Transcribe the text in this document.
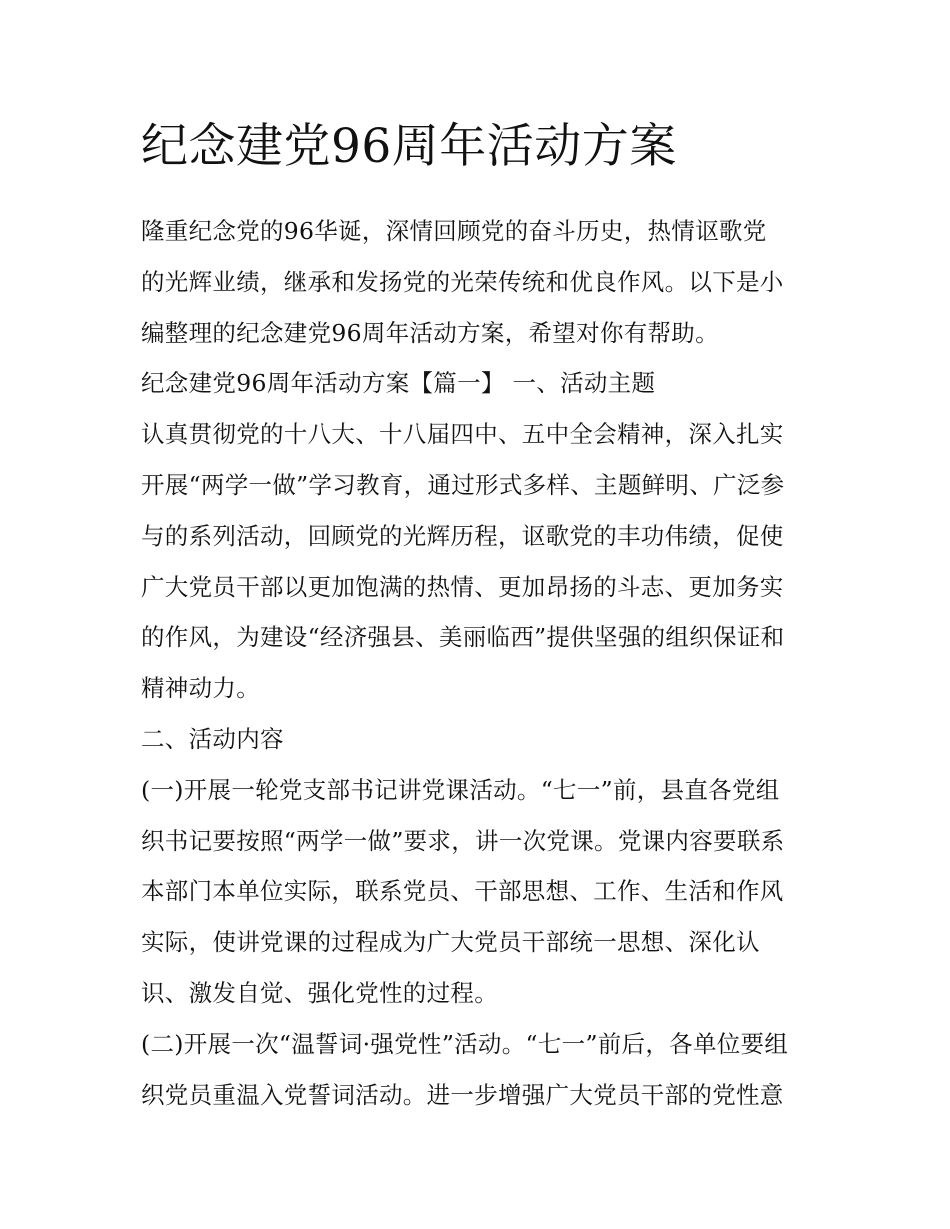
纪念建党96周年活动方案
隆重纪念党的96华诞，深情回顾党的奋斗历史，热情讴歌党
的光辉业绩，继承和发扬党的光荣传统和优良作风。以下是小
编整理的纪念建党96周年活动方案，希望对你有帮助。
纪念建党96周年活动方案【篇一】 一、活动主题
认真贯彻党的十八大、十八届四中、五中全会精神，深入扎实
开展“两学一做”学习教育，通过形式多样、主题鲜明、广泛参
与的系列活动，回顾党的光辉历程，讴歌党的丰功伟绩，促使
广大党员干部以更加饱满的热情、更加昂扬的斗志、更加务实
的作风，为建设“经济强县、美丽临西”提供坚强的组织保证和
精神动力。
二、活动内容
(一)开展一轮党支部书记讲党课活动。“七一”前，县直各党组
织书记要按照“两学一做”要求，讲一次党课。党课内容要联系
本部门本单位实际，联系党员、干部思想、工作、生活和作风
实际，使讲党课的过程成为广大党员干部统一思想、深化认
识、激发自觉、强化党性的过程。
(二)开展一次“温誓词·强党性”活动。“七一”前后，各单位要组
织党员重温入党誓词活动。进一步增强广大党员干部的党性意
